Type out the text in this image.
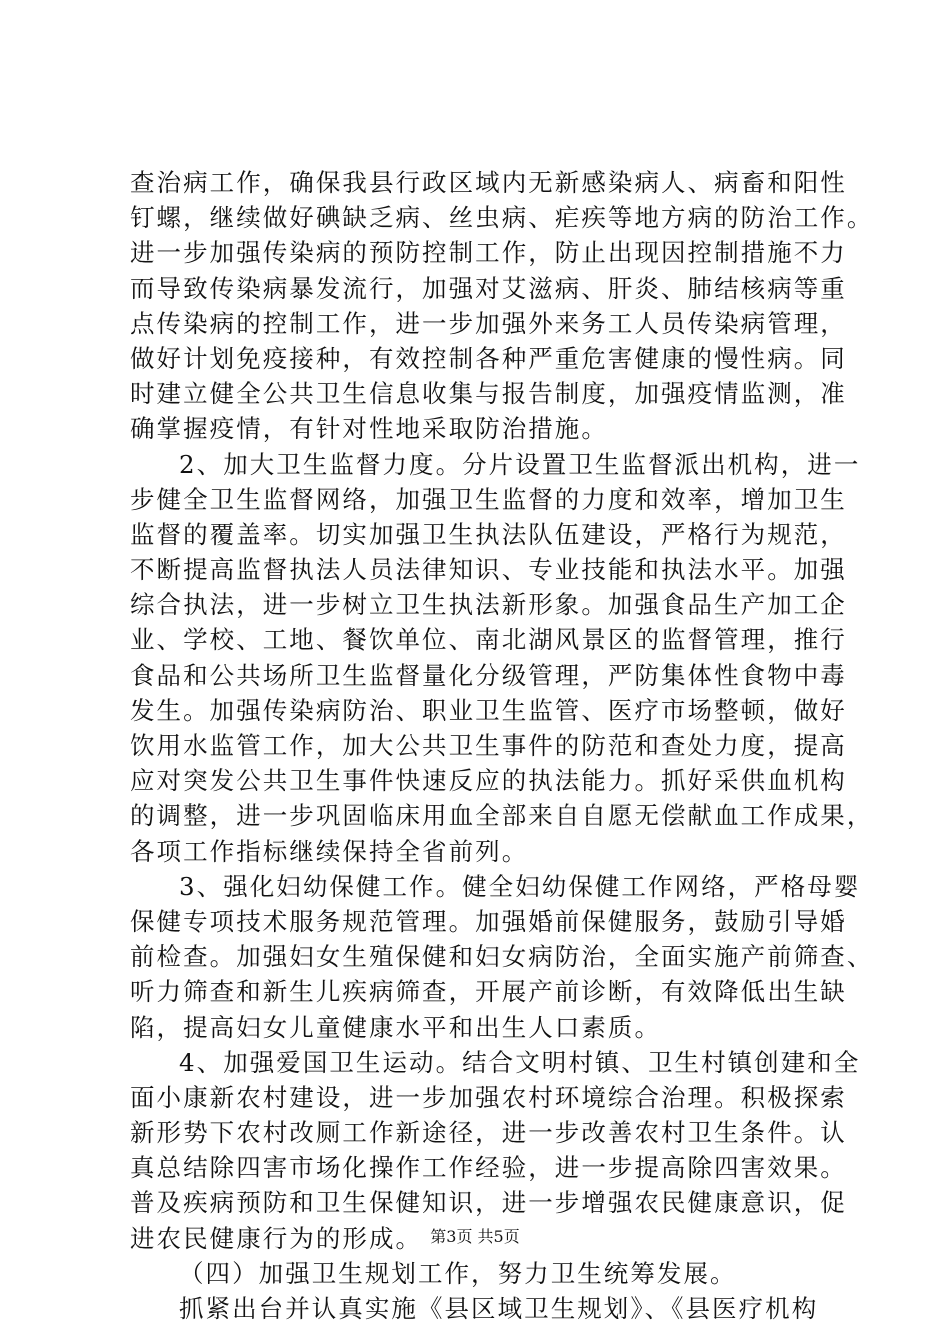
查治病工作，确保我县行政区域内无新感染病人、病畜和阳性
钉螺，继续做好碘缺乏病、丝虫病、疟疾等地方病的防治工作。
进一步加强传染病的预防控制工作，防止出现因控制措施不力
而导致传染病暴发流行，加强对艾滋病、肝炎、肺结核病等重
点传染病的控制工作，进一步加强外来务工人员传染病管理，
做好计划免疫接种，有效控制各种严重危害健康的慢性病。同
时建立健全公共卫生信息收集与报告制度，加强疫情监测，准
确掌握疫情，有针对性地采取防治措施。
2、加大卫生监督力度。分片设置卫生监督派出机构，进一
步健全卫生监督网络，加强卫生监督的力度和效率，增加卫生
监督的覆盖率。切实加强卫生执法队伍建设，严格行为规范，
不断提高监督执法人员法律知识、专业技能和执法水平。加强
综合执法，进一步树立卫生执法新形象。加强食品生产加工企
业、学校、工地、餐饮单位、南北湖风景区的监督管理，推行
食品和公共场所卫生监督量化分级管理，严防集体性食物中毒
发生。加强传染病防治、职业卫生监管、医疗市场整顿，做好
饮用水监管工作，加大公共卫生事件的防范和查处力度，提高
应对突发公共卫生事件快速反应的执法能力。抓好采供血机构
的调整，进一步巩固临床用血全部来自自愿无偿献血工作成果，
各项工作指标继续保持全省前列。
3、强化妇幼保健工作。健全妇幼保健工作网络，严格母婴
保健专项技术服务规范管理。加强婚前保健服务，鼓励引导婚
前检查。加强妇女生殖保健和妇女病防治，全面实施产前筛查、
听力筛查和新生儿疾病筛查，开展产前诊断，有效降低出生缺
陷，提高妇女儿童健康水平和出生人口素质。
4、加强爱国卫生运动。结合文明村镇、卫生村镇创建和全
面小康新农村建设，进一步加强农村环境综合治理。积极探索
新形势下农村改厕工作新途径，进一步改善农村卫生条件。认
真总结除四害市场化操作工作经验，进一步提高除四害效果。
普及疾病预防和卫生保健知识，进一步增强农民健康意识，促
进农民健康行为的形成。
（四）加强卫生规划工作，努力卫生统筹发展。
抓紧出台并认真实施《县区域卫生规划》、《县医疗机构
第3页 共5页
